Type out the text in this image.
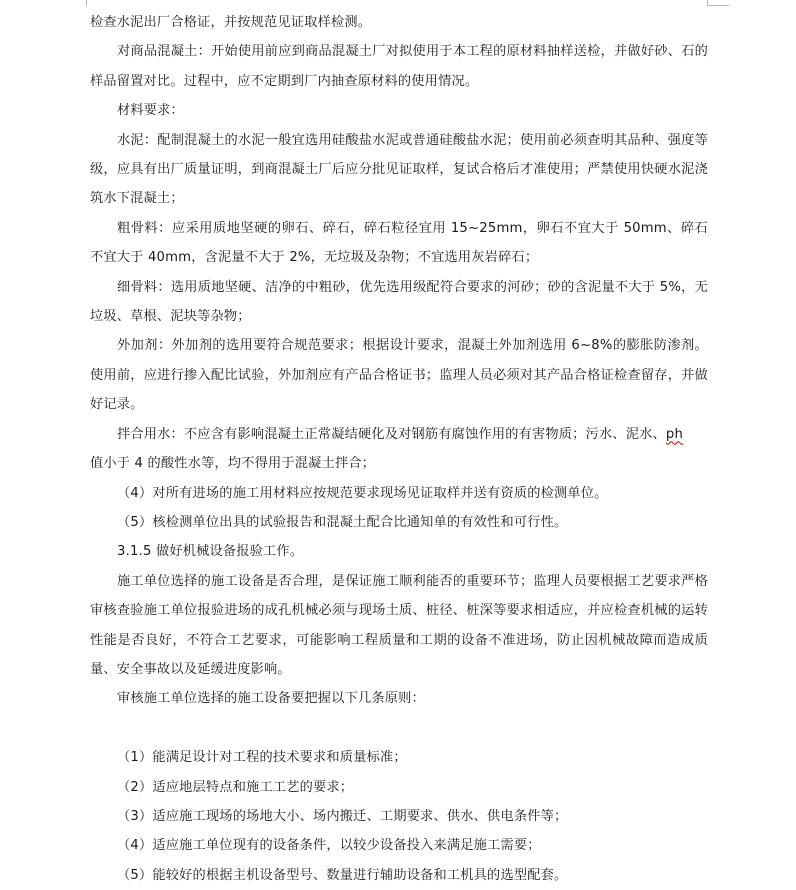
检查水泥出厂合格证，并按规范见证取样检测。

对商品混凝土：开始使用前应到商品混凝土厂对拟使用于本工程的原材料抽样送检，并做好砂、石的样品留置对比。过程中，应不定期到厂内抽查原材料的使用情况。

材料要求：

水泥：配制混凝土的水泥一般宜选用硅酸盐水泥或普通硅酸盐水泥；使用前必须查明其品种、强度等级，应具有出厂质量证明，到商混凝土厂后应分批见证取样，复试合格后才准使用；严禁使用快硬水泥浇筑水下混凝土；

粗骨料：应采用质地坚硬的卵石、碎石，碎石粒径宜用 15~25mm，卵石不宜大于 50mm、碎石不宜大于 40mm，含泥量不大于 2%，无垃圾及杂物；不宜选用灰岩碎石；

细骨料：选用质地坚硬、洁净的中粗砂，优先选用级配符合要求的河砂；砂的含泥量不大于 5%，无垃圾、草根、泥块等杂物；

外加剂：外加剂的选用要符合规范要求；根据设计要求，混凝土外加剂选用 6~8%的膨胀防渗剂。使用前，应进行掺入配比试验，外加剂应有产品合格证书；监理人员必须对其产品合格证检查留存，并做好记录。

拌合用水：不应含有影响混凝土正常凝结硬化及对钢筋有腐蚀作用的有害物质；污水、泥水、ph
值小于 4 的酸性水等，均不得用于混凝土拌合；

（4）对所有进场的施工用材料应按规范要求现场见证取样并送有资质的检测单位。

（5）核检测单位出具的试验报告和混凝土配合比通知单的有效性和可行性。

3.1.5 做好机械设备报验工作。

施工单位选择的施工设备是否合理，是保证施工顺利能否的重要环节；监理人员要根据工艺要求严格审核查验施工单位报验进场的成孔机械必须与现场土质、桩径、桩深等要求相适应，并应检查机械的运转性能是否良好，不符合工艺要求，可能影响工程质量和工期的设备不准进场，防止因机械故障而造成质量、安全事故以及延缓进度影响。

审核施工单位选择的施工设备要把握以下几条原则：

（1）能满足设计对工程的技术要求和质量标准；

（2）适应地层特点和施工工艺的要求；

（3）适应施工现场的场地大小、场内搬迁、工期要求、供水、供电条件等；

（4）适应施工单位现有的设备条件，以较少设备投入来满足施工需要；

（5）能较好的根据主机设备型号、数量进行辅助设备和工机具的选型配套。
